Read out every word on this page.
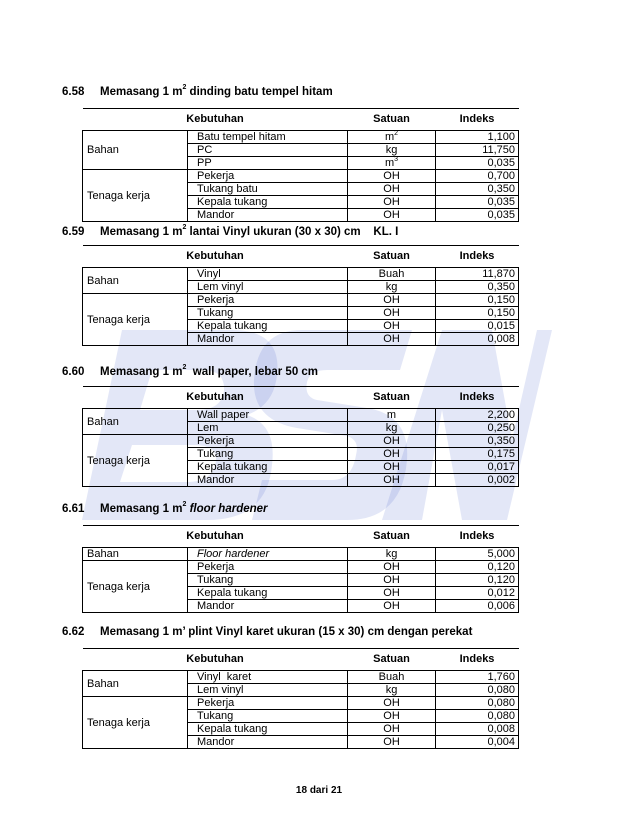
6.58 Memasang 1 $m^2$ dinding batu tempel hitam
Kebutuhan		Satuan	Indeks
Bahan	Batu tempel hitam	$m^2$	1,100
	PC	kg	11,750
	PP	$m^3$	0,035
Tenaga kerja	Pekerja	OH	0,700
	Tukang batu	OH	0,350
	Kepala tukang	OH	0,035
	Mandor	OH	0,035
6.59 Memasang 1 $m^2$ lantai Vinyl ukuran (30 x 30) cm    KL. I
Kebutuhan		Satuan	Indeks
Bahan	Vinyl	Buah	11,870
	Lem vinyl	kg	0,350
Tenaga kerja	Pekerja	OH	0,150
	Tukang	OH	0,150
	Kepala tukang	OH	0,015
	Mandor	OH	0,008
6.60 Memasang 1 $m^2$  wall paper, lebar 50 cm
Kebutuhan		Satuan	Indeks
Bahan	Wall paper	m	2,200
	Lem	kg	0,250
Tenaga kerja	Pekerja	OH	0,350
	Tukang	OH	0,175
	Kepala tukang	OH	0,017
	Mandor	OH	0,002
6.61 Memasang 1 $m^2$ floor hardener
Kebutuhan		Satuan	Indeks
Bahan	Floor hardener	kg	5,000
Tenaga kerja	Pekerja	OH	0,120
	Tukang	OH	0,120
	Kepala tukang	OH	0,012
	Mandor	OH	0,006
6.62 Memasang 1 m’ plint Vinyl karet ukuran (15 x 30) cm dengan perekat
Kebutuhan		Satuan	Indeks
Bahan	Vinyl  karet	Buah	1,760
	Lem vinyl	kg	0,080
Tenaga kerja	Pekerja	OH	0,080
	Tukang	OH	0,080
	Kepala tukang	OH	0,008
	Mandor	OH	0,004
18 dari 21
